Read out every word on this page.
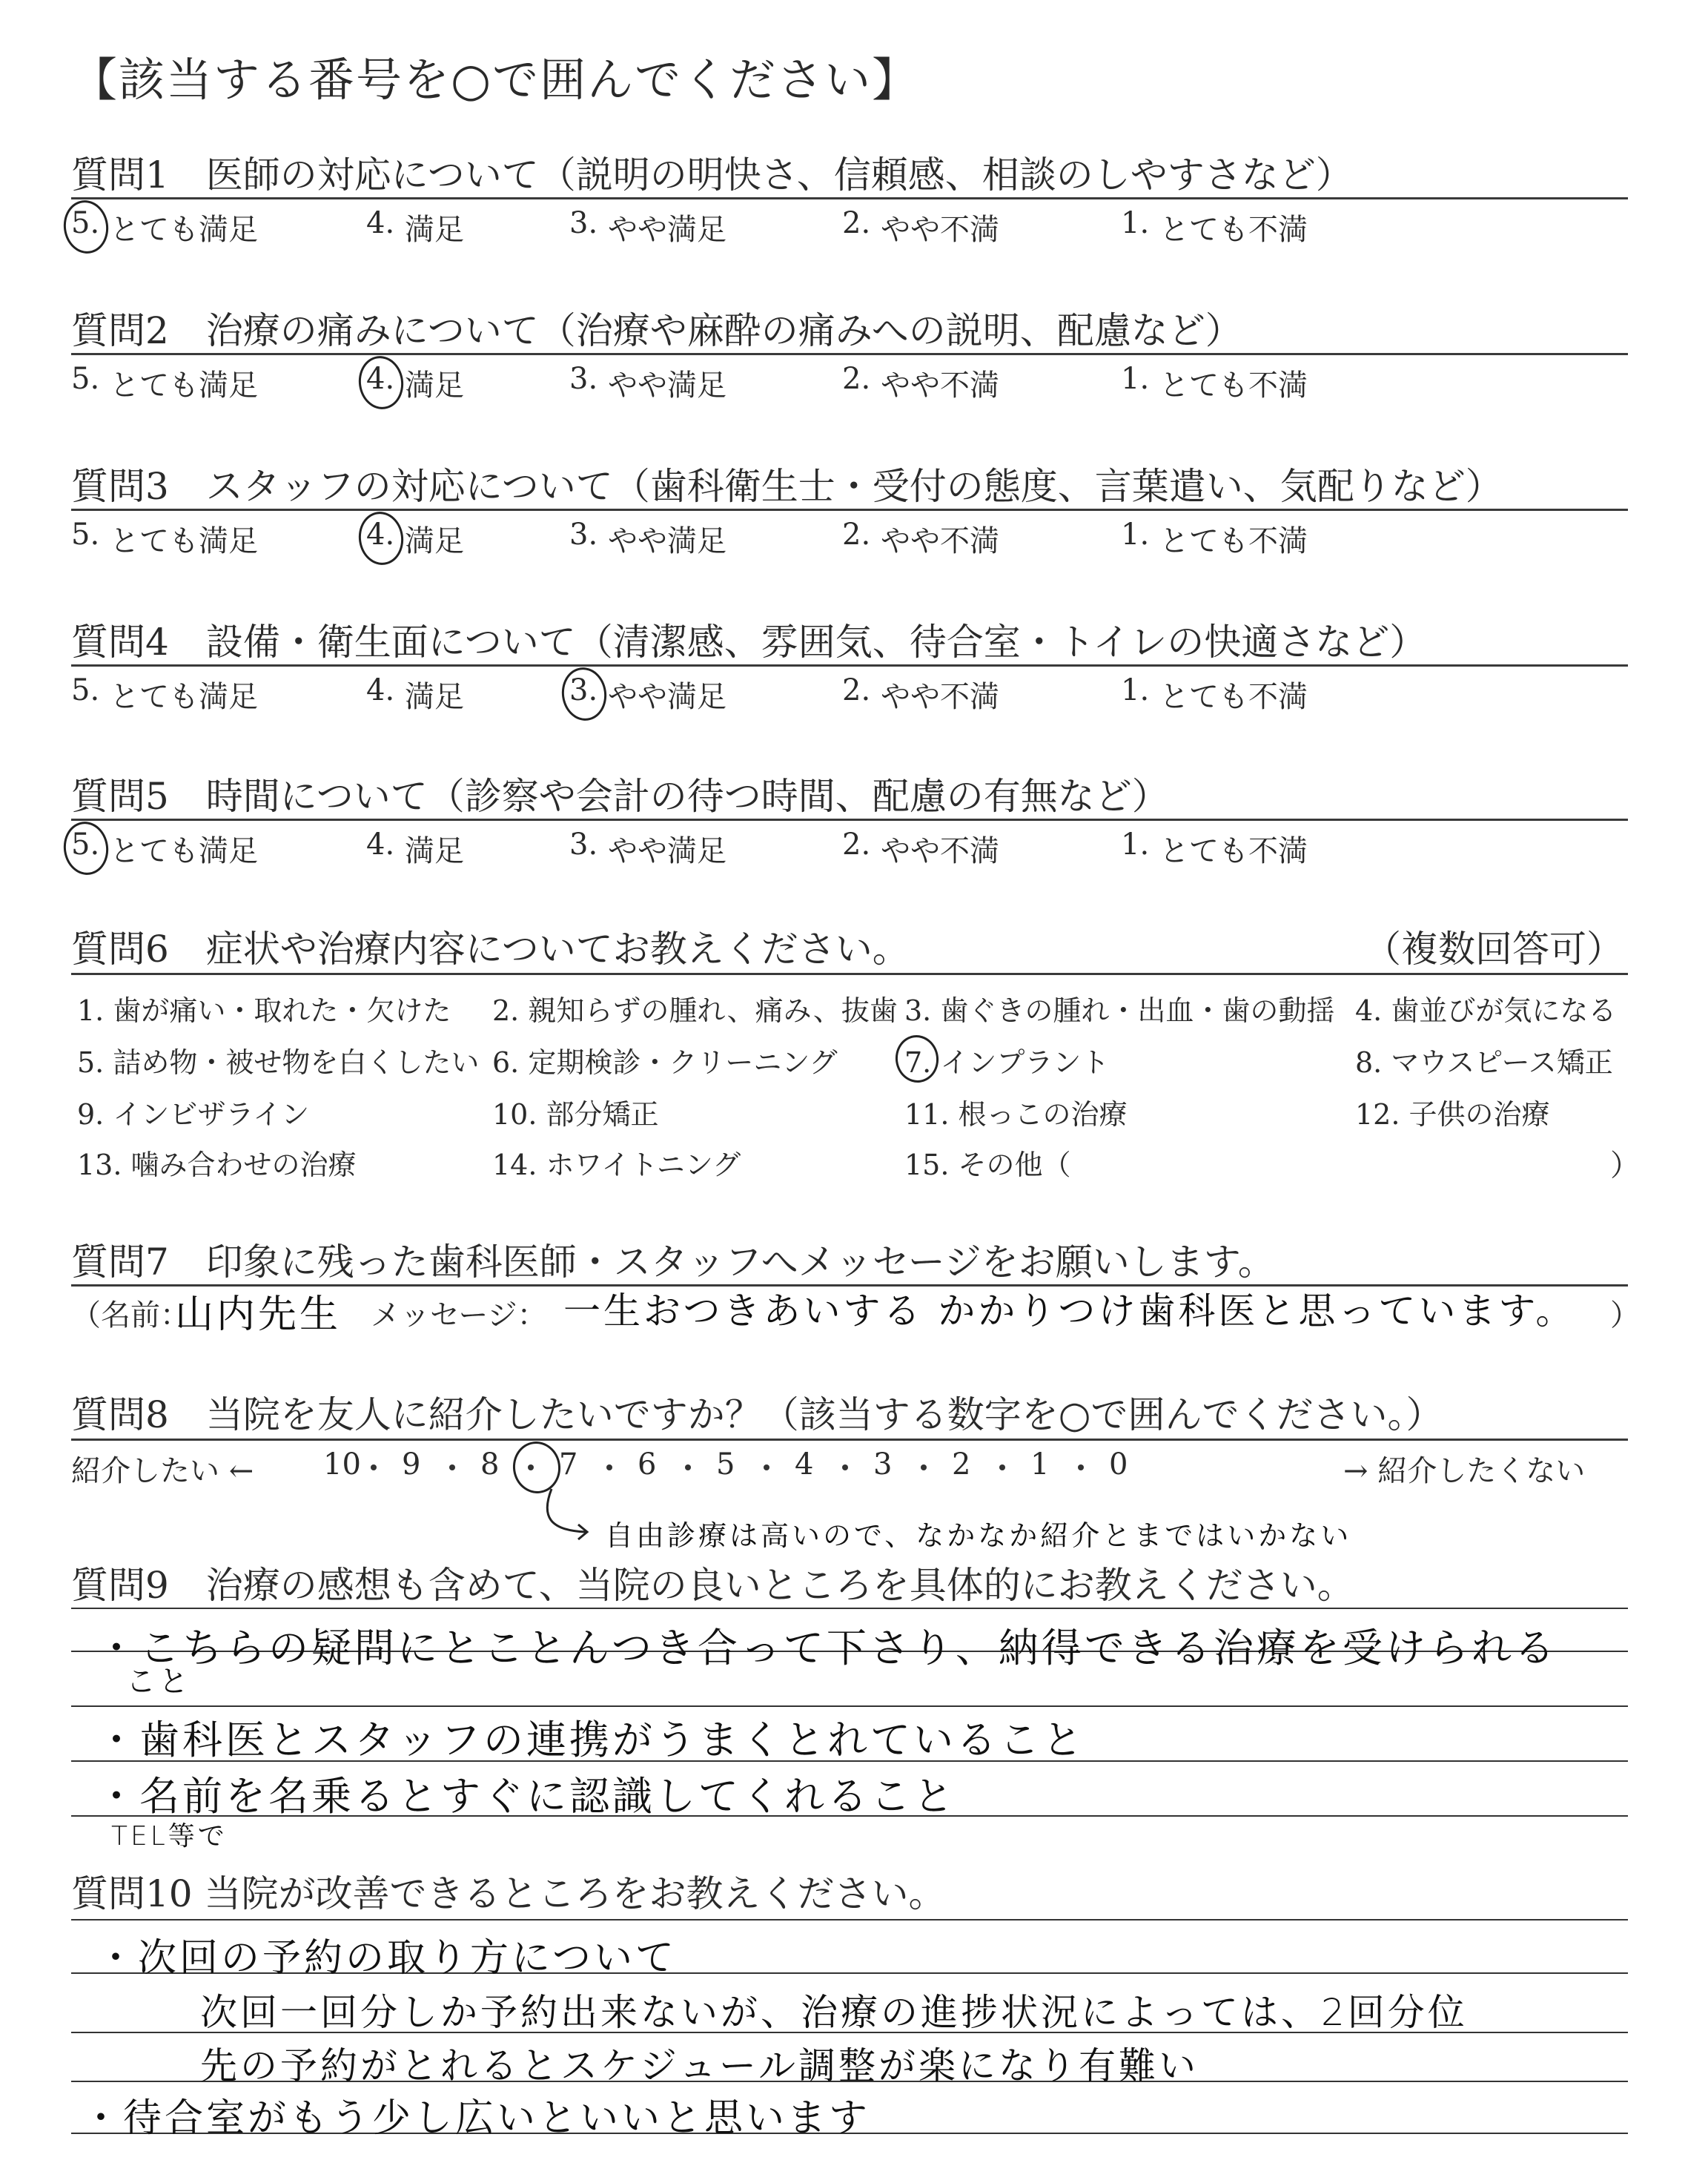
【該当する番号を○で囲んでください】
質問1　医師の対応について（説明の明快さ、信頼感、相談のしやすさなど）
5. とても満足	4. 満足	3. やや満足	2. やや不満	1. とても不満
質問2　治療の痛みについて（治療や麻酔の痛みへの説明、配慮など）
5. とても満足	4. 満足	3. やや満足	2. やや不満	1. とても不満
質問3　スタッフの対応について（歯科衛生士・受付の態度、言葉遣い、気配りなど）
5. とても満足	4. 満足	3. やや満足	2. やや不満	1. とても不満
質問4　設備・衛生面について（清潔感、雰囲気、待合室・トイレの快適さなど）
5. とても満足	4. 満足	3. やや満足	2. やや不満	1. とても不満
質問5　時間について（診察や会計の待つ時間、配慮の有無など）
5. とても満足	4. 満足	3. やや満足	2. やや不満	1. とても不満
質問6　症状や治療内容についてお教えください。	（複数回答可）
1. 歯が痛い・取れた・欠けた 2. 親知らずの腫れ、痛み、抜歯 3. 歯ぐきの腫れ・出血・歯の動揺 4. 歯並びが気になる
5. 詰め物・被せ物を白くしたい 6. 定期検診・クリーニング 7. インプラント	8. マウスピース矯正
9. インビザライン	10. 部分矯正	11. 根っこの治療	12. 子供の治療
13. 噛み合わせの治療	14. ホワイトニング	15. その他（	）
質問7　印象に残った歯科医師・スタッフへメッセージをお願いします。
（名前：
山内先生 メッセージ： 一生おつきあいする かかりつけ歯科医と思っています。 ）
質問8　当院を友人に紹介したいですか？（該当する数字を○で囲んでください。）
紹介したい ← 10 9 8 7 6 5 4 3 2 1 0	→ 紹介したくない
自由診療は高いので、なかなか紹介とまではいかない
質問9　治療の感想も含めて、当院の良いところを具体的にお教えください。
・こちらの疑問にとことんつき合って下さり、納得できる治療を受けられる
こと
・歯科医とスタッフの連携がうまくとれていること
・名前を名乗るとすぐに認識してくれること
TEL等で
質問10 当院が改善できるところをお教えください。
・次回の予約の取り方について
次回一回分しか予約出来ないが、治療の進捗状況によっては、2回分位
先の予約がとれるとスケジュール調整が楽になり有難い
・待合室がもう少し広いといいと思います
